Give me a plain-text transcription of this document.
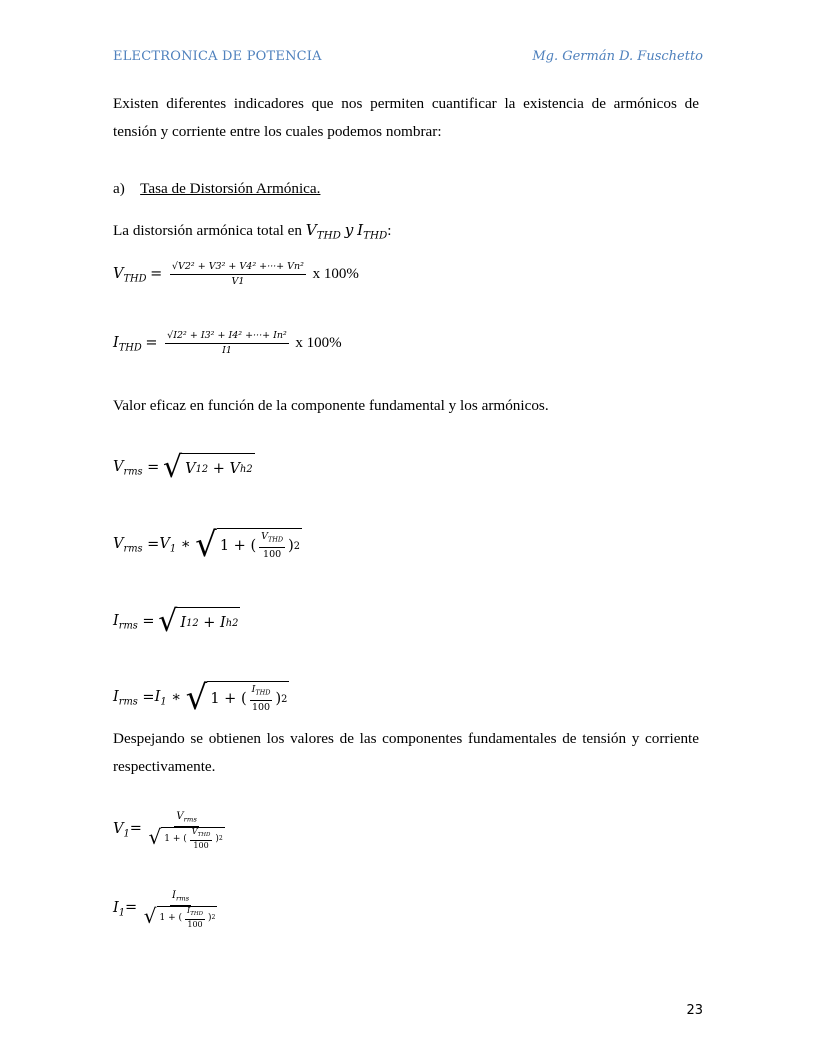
ELECTRONICA DE POTENCIA	Mg. Germán D. Fuschetto
Existen diferentes indicadores que nos permiten cuantificar la existencia de armónicos de tensión y corriente entre los cuales podemos nombrar:
a) Tasa de Distorsión Armónica.
La distorsión armónica total en $V_{THD}$ y $I_{THD}$:
$V_{THD} = \frac{\text{√V2² + V3² + V4² +···+ Vn²}}{V1}$ x 100%
$I_{THD} = \frac{\text{√I2² + I3² + I4² +···+ In²}}{I1}$ x 100%
Valor eficaz en función de la componente fundamental y los armónicos.
$V_{rms}$ = √ V 1 2 + V h 2
$V_{rms} =V_1$ ∗ √ 1 + ( $\frac{V_{THD}}{100}$ ) 2
$I_{rms}$ = √ I 1 2 + I h 2
$I_{rms} =I_1$ ∗ √ 1 + ( $\frac{I_{THD}}{100}$ ) 2
Despejando se obtienen los valores de las componentes fundamentales de tensión y corriente respectivamente.
$V_1= \frac{V_{rms}}{√ 1 + ( \frac{V_{THD}}{100} ) 2}$
$I_1= \frac{I_{rms}}{√ 1 + ( \frac{I_{THD}}{100} ) 2}$
23
